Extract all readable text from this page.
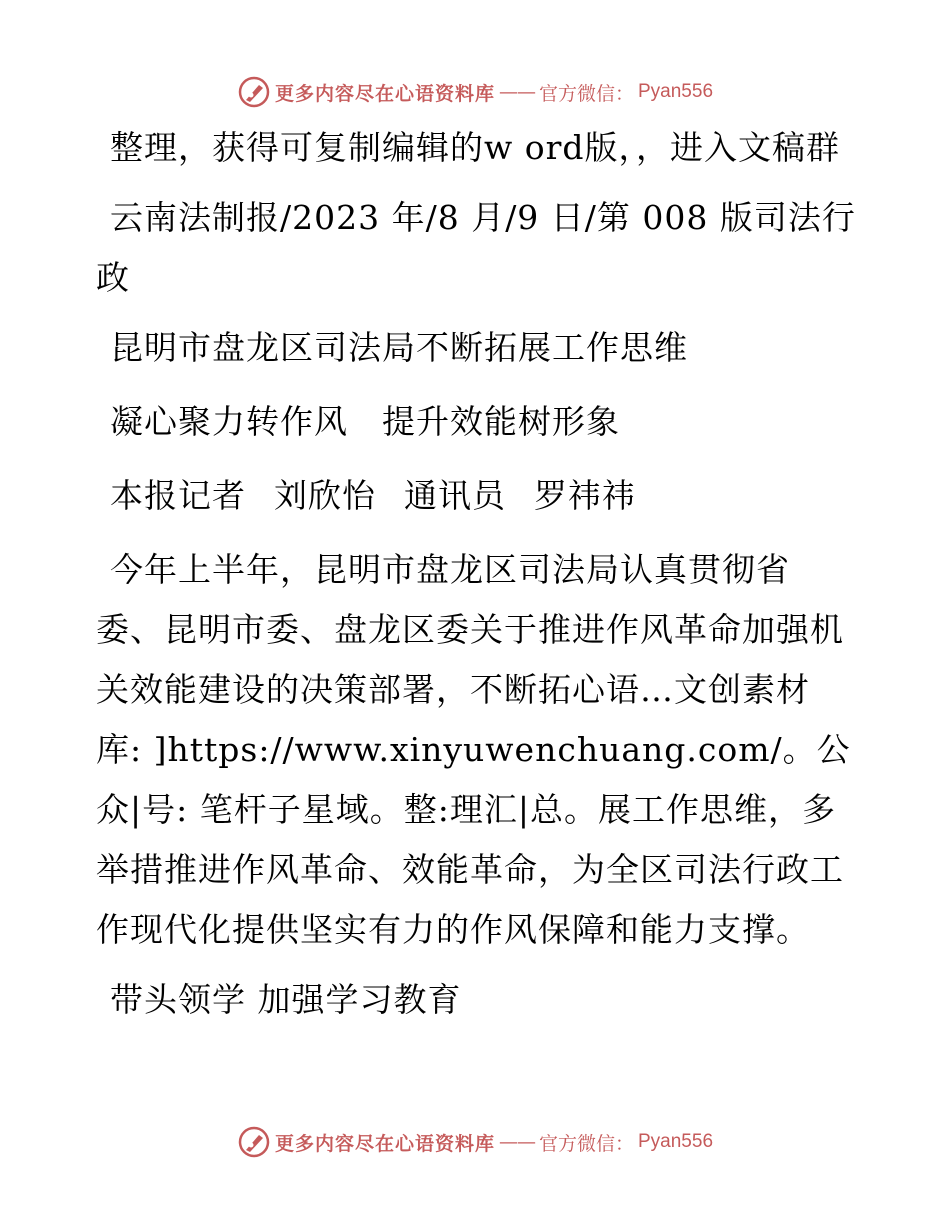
更多内容尽在心语资料库 —— 官方微信： Pyan556

整理，获得可复制编辑的w ord版，，进入文稿群

云南法制报/2023 年/8 月/9 日/第 008 版司法行政

昆明市盘龙区司法局不断拓展工作思维

凝心聚力转作风　提升效能树形象

本报记者 刘欣怡 通讯员 罗祎祎

今年上半年，昆明市盘龙区司法局认真贯彻省委、昆明市委、盘龙区委关于推进作风革命加强机关效能建设的决策部署，不断拓心语…文创素材库: ]https://www.xinyuwenchuang.com/。公众|号: 笔杆子星域。整:理汇|总。展工作思维，多举措推进作风革命、效能革命，为全区司法行政工作现代化提供坚实有力的作风保障和能力支撑。

带头领学 加强学习教育

更多内容尽在心语资料库 —— 官方微信： Pyan556
